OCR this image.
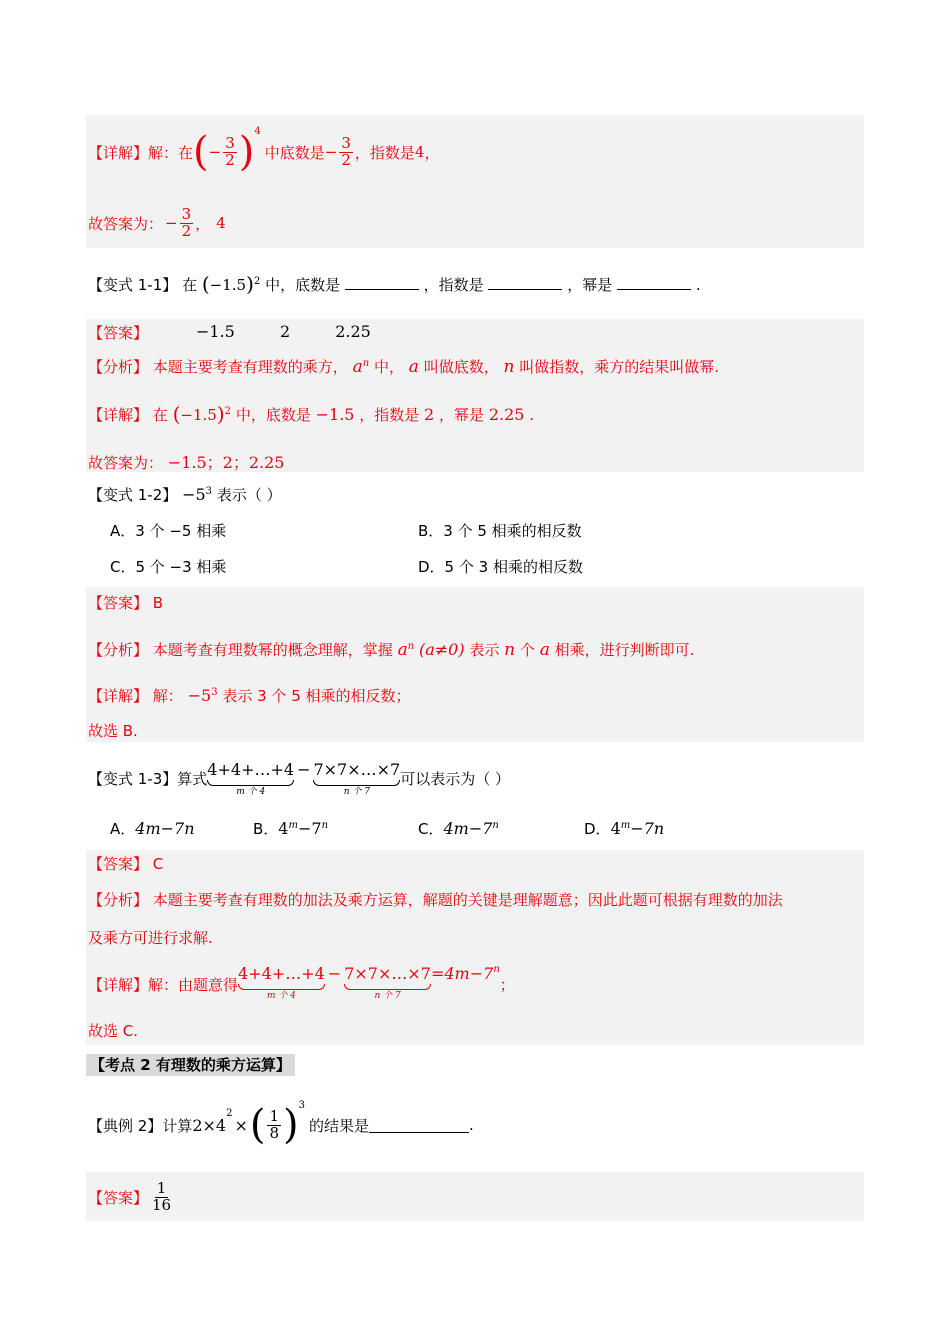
【详解】 解：在 ( − $\frac{3}{2} )^4$
中底数是 − $\frac{3}{2}$ ，指数是 4 ，
故答案为： − $\frac{3}{2}$ ， 4
【变式 1-1】 在 $(-1.5)^2$ 中，底数是	，指数是	，幂是	.
【答案】	−1.5	2	2.25
【分析】 本题主要考查有理数的乘方， $a^n$ 中， a 叫做底数， n 叫做指数，乘方的结果叫做幂.
【详解】 在 $(-1.5)^2$ 中，底数是 −1.5 ，指数是 2 ，幂是 2.25 .
故答案为： −1.5；2；2.25
【变式 1-2】 $-5^3$ 表示（ ）
A．3 个 −5 相乘	B．3 个 5 相乘的相反数
C．5 个 −3 相乘	D．5 个 3 相乘的相反数
【答案】 B
【分析】 本题考查有理数幂的概念理解，掌握 $a^n$ (a≠0) 表示 n 个 a 相乘，进行判断即可.
【详解】 解： $-5^3$ 表示 3 个 5 相乘的相反数；
故选 B.
【变式 1-3】 算式 4+4+…+4
m 个 4
− 7×7×…×7
n 个 7
可以表示为（ ）
A．4m−7n	B．$4^m-7^n$	C．$4m-7^n$	D．$4^m-7n$
【答案】 C
【分析】 本题主要考查有理数的加法及乘方运算，解题的关键是理解题意；因此此题可根据有理数的加法
及乘方可进行求解.
【详解】 解：由题意得
4+4+…+4
m 个 4
− 7×7×…×7
n 个 7
$=4m-7^n$
；
故选 C.
【考点 2 有理数的乘方运算】
【典例 2】 计算 2×4
$^2$
× ( $\frac{1}{8} )^3$
的结果是	.
【答案】 $\frac{1}{16}$
